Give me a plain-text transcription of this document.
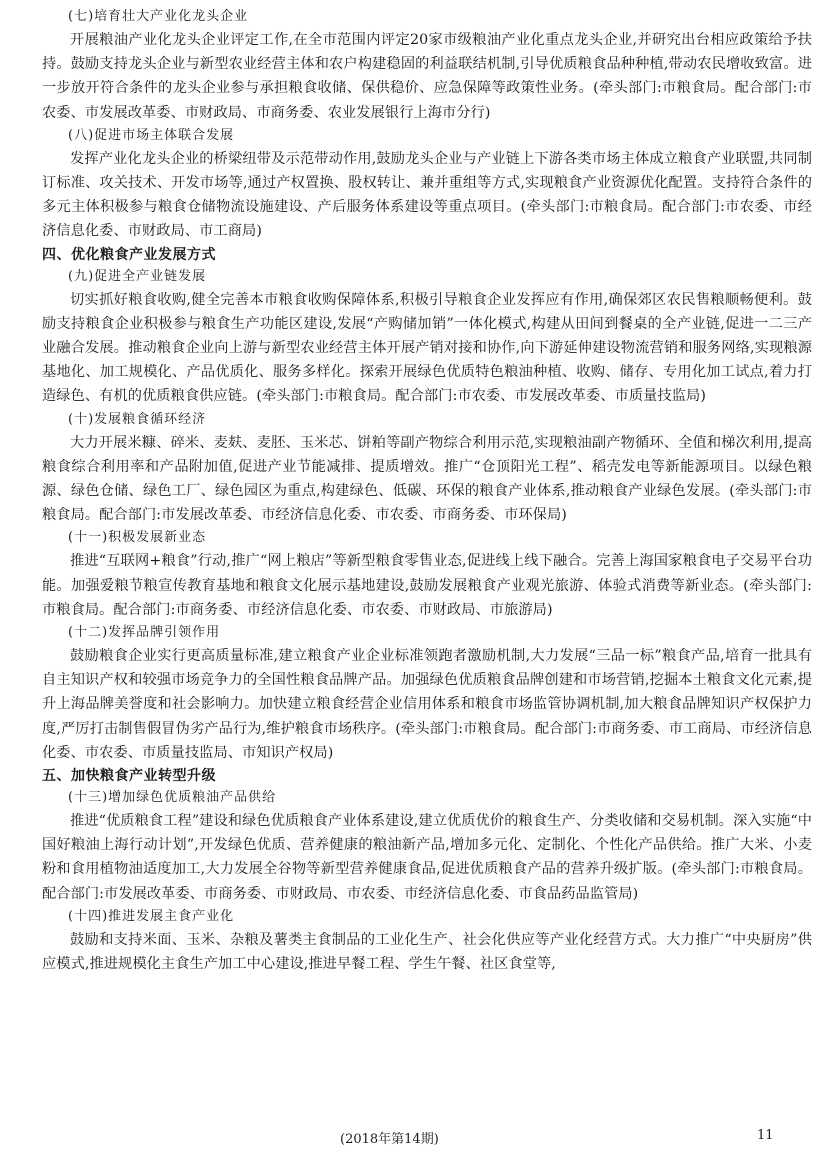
(七)培育壮大产业化龙头企业

开展粮油产业化龙头企业评定工作,在全市范围内评定20家市级粮油产业化重点龙头企业,并研究出台相应政策给予扶持。鼓励支持龙头企业与新型农业经营主体和农户构建稳固的利益联结机制,引导优质粮食品种种植,带动农民增收致富。进一步放开符合条件的龙头企业参与承担粮食收储、保供稳价、应急保障等政策性业务。(牵头部门:市粮食局。配合部门:市农委、市发展改革委、市财政局、市商务委、农业发展银行上海市分行)

(八)促进市场主体联合发展

发挥产业化龙头企业的桥梁纽带及示范带动作用,鼓励龙头企业与产业链上下游各类市场主体成立粮食产业联盟,共同制订标准、攻关技术、开发市场等,通过产权置换、股权转让、兼并重组等方式,实现粮食产业资源优化配置。支持符合条件的多元主体积极参与粮食仓储物流设施建设、产后服务体系建设等重点项目。(牵头部门:市粮食局。配合部门:市农委、市经济信息化委、市财政局、市工商局)

四、优化粮食产业发展方式

(九)促进全产业链发展

切实抓好粮食收购,健全完善本市粮食收购保障体系,积极引导粮食企业发挥应有作用,确保郊区农民售粮顺畅便利。鼓励支持粮食企业积极参与粮食生产功能区建设,发展“产购储加销”一体化模式,构建从田间到餐桌的全产业链,促进一二三产业融合发展。推动粮食企业向上游与新型农业经营主体开展产销对接和协作,向下游延伸建设物流营销和服务网络,实现粮源基地化、加工规模化、产品优质化、服务多样化。探索开展绿色优质特色粮油种植、收购、储存、专用化加工试点,着力打造绿色、有机的优质粮食供应链。(牵头部门:市粮食局。配合部门:市农委、市发展改革委、市质量技监局)

(十)发展粮食循环经济

大力开展米糠、碎米、麦麸、麦胚、玉米芯、饼粕等副产物综合利用示范,实现粮油副产物循环、全值和梯次利用,提高粮食综合利用率和产品附加值,促进产业节能减排、提质增效。推广“仓顶阳光工程”、稻壳发电等新能源项目。以绿色粮源、绿色仓储、绿色工厂、绿色园区为重点,构建绿色、低碳、环保的粮食产业体系,推动粮食产业绿色发展。(牵头部门:市粮食局。配合部门:市发展改革委、市经济信息化委、市农委、市商务委、市环保局)

(十一)积极发展新业态

推进“互联网+粮食”行动,推广“网上粮店”等新型粮食零售业态,促进线上线下融合。完善上海国家粮食电子交易平台功能。加强爱粮节粮宣传教育基地和粮食文化展示基地建设,鼓励发展粮食产业观光旅游、体验式消费等新业态。(牵头部门:市粮食局。配合部门:市商务委、市经济信息化委、市农委、市财政局、市旅游局)

(十二)发挥品牌引领作用

鼓励粮食企业实行更高质量标准,建立粮食产业企业标准领跑者激励机制,大力发展“三品一标”粮食产品,培育一批具有自主知识产权和较强市场竞争力的全国性粮食品牌产品。加强绿色优质粮食品牌创建和市场营销,挖掘本土粮食文化元素,提升上海品牌美誉度和社会影响力。加快建立粮食经营企业信用体系和粮食市场监管协调机制,加大粮食品牌知识产权保护力度,严厉打击制售假冒伪劣产品行为,维护粮食市场秩序。(牵头部门:市粮食局。配合部门:市商务委、市工商局、市经济信息化委、市农委、市质量技监局、市知识产权局)

五、加快粮食产业转型升级

(十三)增加绿色优质粮油产品供给

推进“优质粮食工程”建设和绿色优质粮食产业体系建设,建立优质优价的粮食生产、分类收储和交易机制。深入实施“中国好粮油上海行动计划”,开发绿色优质、营养健康的粮油新产品,增加多元化、定制化、个性化产品供给。推广大米、小麦粉和食用植物油适度加工,大力发展全谷物等新型营养健康食品,促进优质粮食产品的营养升级扩版。(牵头部门:市粮食局。配合部门:市发展改革委、市商务委、市财政局、市农委、市经济信息化委、市食品药品监管局)

(十四)推进发展主食产业化

鼓励和支持米面、玉米、杂粮及薯类主食制品的工业化生产、社会化供应等产业化经营方式。大力推广“中央厨房”供应模式,推进规模化主食生产加工中心建设,推进早餐工程、学生午餐、社区食堂等,

(2018年第14期)	11
